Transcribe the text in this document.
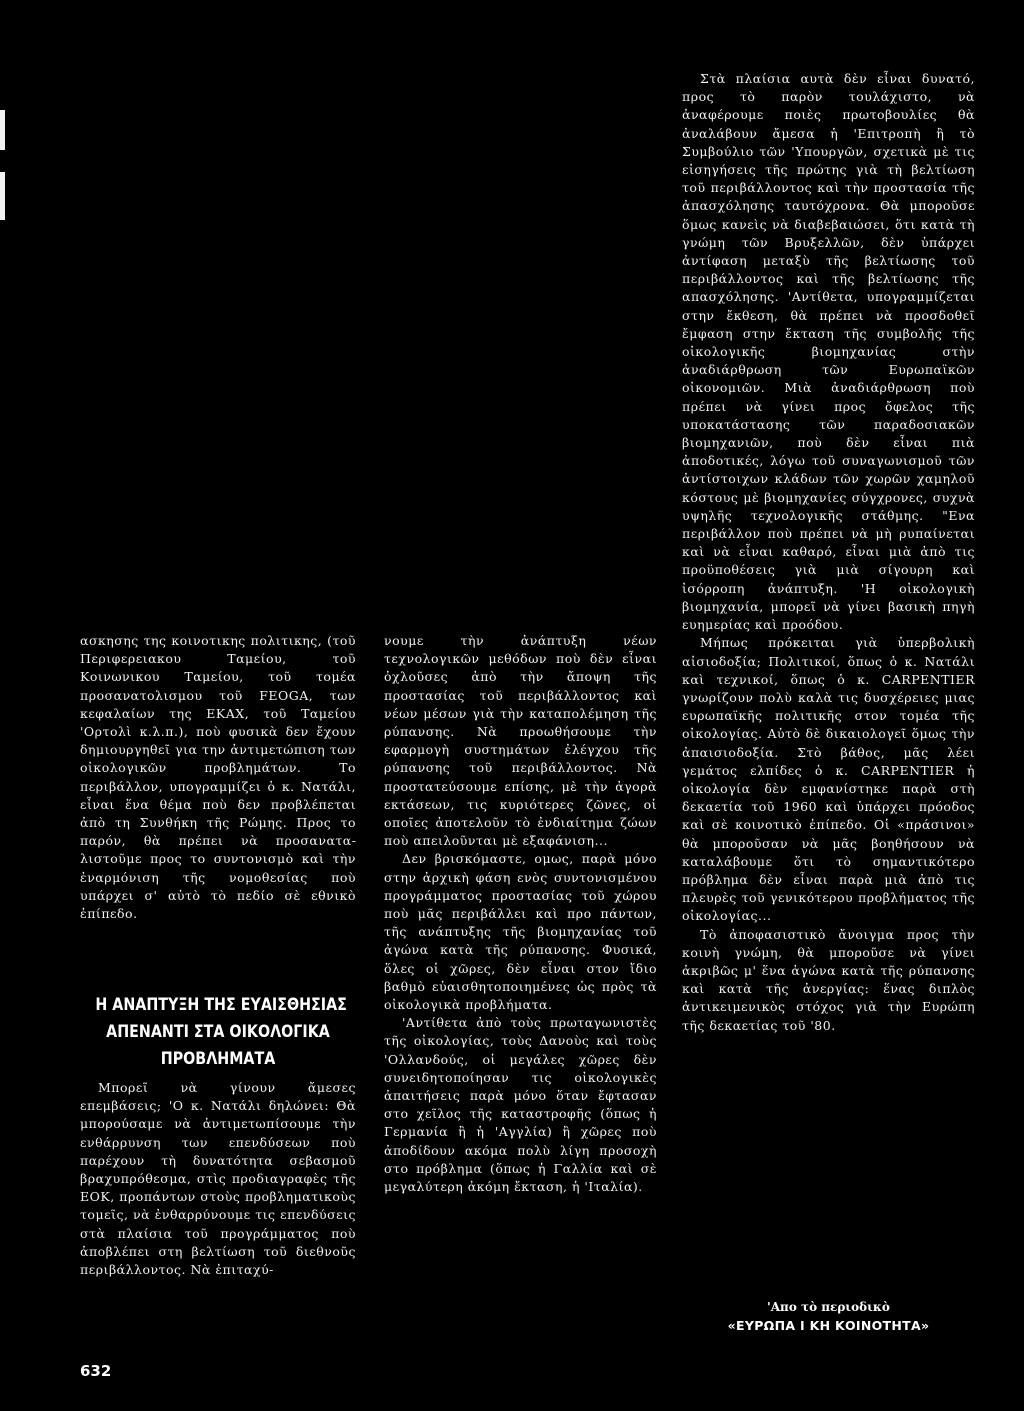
ασκησης της κοινοτικης πολιτικης, (τοῦ Περιφερειακου Ταμείου, τοῦ Κοινωνικου Ταμείου, τοῦ τομέα προσανατολισμου τοῦ FEOGA, των κεφαλαίων της ΕΚΑΧ, τοῦ Ταμείου 'Ορτολὶ κ.λ.π.), ποὺ φυσικὰ δεν ἔχουν δημιουργηθεῖ για την ἀντιμετώπιση των οἰκολογικῶν προβλημάτων. Το περιβάλλον, υπογραμμίζει ὁ κ. Νατάλι, εἶναι ἕνα θέμα ποὺ δεν προβλέπεται ἀπὸ τη Συνθήκη τῆς Ρώμης. Προς το παρόν, θὰ πρέπει νὰ προσαναταλιστοῦμε προς το συντονισμὸ καὶ τὴν ἐναρμόνιση τῆς νομοθεσίας ποὺ υπάρχει σ' αὐτὸ τὸ πεδίο σὲ εθνικὸ ἐπίπεδο.

Η ΑΝΑΠΤΥΞΗ ΤΗΣ ΕΥΑΙΣΘΗΣΙΑΣ
ΑΠΕΝΑΝΤΙ ΣΤΑ ΟΙΚΟΛΟΓΙΚΑ
ΠΡΟΒΛΗΜΑΤΑ

Μπορεῖ νὰ γίνουν ἄμεσες επεμβάσεις; 'Ο κ. Νατάλι δηλώνει: Θὰ μπορούσαμε νὰ ἀντιμετωπίσουμε τὴν ενθάρρυνση των επενδύσεων ποὺ παρέχουν τὴ δυνατότητα σεβασμοῦ βραχυπρόθεσμα, στὶς προδιαγραφὲς τῆς ΕΟΚ, προπάντων στοὺς προβληματικοὺς τομεῖς, νὰ ἐνθαρρύνουμε τις επενδύσεις στὰ πλαίσια τοῦ προγράμματος ποὺ ἀποβλέπει στη βελτίωση τοῦ διεθνοῦς περιβάλλοντος. Νὰ ἐπιταχύ-

νουμε τὴν ἀνάπτυξη νέων τεχνολογικῶν μεθόδων ποὺ δὲν εἶναι ὀχλοῦσες ἀπὸ τὴν ἄποψη τῆς προστασίας τοῦ περιβάλλοντος καὶ νέων μέσων γιὰ τὴν καταπολέμηση τῆς ρύπανσης. Νὰ προωθήσουμε τὴν εφαρμογὴ συστημάτων ἐλέγχου τῆς ρύπανσης τοῦ περιβάλλοντος. Νὰ προστατεύσουμε επίσης, μὲ τὴν ἀγορὰ εκτάσεων, τις κυριότερες ζῶνες, οἱ οποῖες ἀποτελοῦν τὸ ἐνδιαίτημα ζώων ποὺ απειλοῦνται μὲ εξαφάνιση...

Δεν βρισκόμαστε, ομως, παρὰ μόνο στην ἀρχικὴ φάση ενὸς συντονισμένου προγράμματος προστασίας τοῦ χώρου ποὺ μᾶς περιβάλλει καὶ προ πάντων, τῆς ανάπτυξης τῆς βιομηχανίας τοῦ ἀγώνα κατὰ τῆς ρύπανσης. Φυσικά, ὅλες οἱ χῶρες, δὲν εἶναι στον ἴδιο βαθμὸ εὐαισθητοποιημένες ὡς πρὸς τὰ οἰκολογικὰ προβλήματα.

'Αντίθετα ἀπὸ τοὺς πρωταγωνιστὲς τῆς οἰκολογίας, τοὺς Δανοὺς καὶ τοὺς 'Ολλανδούς, οἱ μεγάλες χῶρες δὲν συνειδητοποίησαν τις οἰκολογικὲς ἀπαιτήσεις παρὰ μόνο ὅταν ἔφτασαν στο χεῖλος τῆς καταστροφῆς (ὅπως ἡ Γερμανία ἢ ἡ 'Αγγλία) ἢ χῶρες ποὺ ἀποδίδουν ακόμα πολὺ λίγη προσοχὴ στο πρόβλημα (ὅπως ἡ Γαλλία καὶ σὲ μεγαλύτερη ἀκόμη ἔκταση, ἡ 'Ιταλία).

Στὰ πλαίσια αυτὰ δὲν εἶναι δυνατό, προς τὸ παρὸν τουλάχιστο, νὰ ἀναφέρουμε ποιὲς πρωτοβουλίες θὰ ἀναλάβουν ἄμεσα ἡ 'Επιτροπὴ ἢ τὸ Συμβούλιο τῶν 'Υπουργῶν, σχετικὰ μὲ τις εἰσηγήσεις τῆς πρώτης γιὰ τὴ βελτίωση τοῦ περιβάλλοντος καὶ τὴν προστασία τῆς ἀπασχόλησης ταυτόχρονα. Θὰ μποροῦσε ὅμως κανεὶς νὰ διαβεβαιώσει, ὅτι κατὰ τὴ γνώμη τῶν Βρυξελλῶν, δὲν ὑπάρχει ἀντίφαση μεταξὺ τῆς βελτίωσης τοῦ περιβάλλοντος καὶ τῆς βελτίωσης τῆς απασχόλησης. 'Αντίθετα, υπογραμμίζεται στην ἔκθεση, θὰ πρέπει νὰ προσδοθεῖ ἔμφαση στην ἔκταση τῆς συμβολῆς τῆς οἰκολογικῆς βιομηχανίας στὴν ἀναδιάρθρωση τῶν Ευρωπαϊκῶν οἰκονομιῶν. Μιὰ ἀναδιάρθρωση ποὺ πρέπει νὰ γίνει προς ὄφελος τῆς υποκατάστασης τῶν παραδοσιακῶν βιομηχανιῶν, ποὺ δὲν εἶναι πιὰ ἀποδοτικές, λόγω τοῦ συναγωνισμοῦ τῶν ἀντίστοιχων κλάδων τῶν χωρῶν χαμηλοῦ κόστους μὲ βιομηχανίες σύγχρονες, συχνὰ υψηλῆς τεχνολογικῆς στάθμης. "Ενα περιβάλλον ποὺ πρέπει νὰ μὴ ρυπαίνεται καὶ νὰ εἶναι καθαρό, εἶναι μιὰ ἀπὸ τις προϋποθέσεις γιὰ μιὰ σίγουρη καὶ ἰσόρροπη ἀνάπτυξη. 'Η οἰκολογικὴ βιομηχανία, μπορεῖ νὰ γίνει βασικὴ πηγὴ ευημερίας καὶ προόδου.

Μήπως πρόκειται γιὰ ὑπερβολικὴ αἰσιοδοξία; Πολιτικοί, ὅπως ὁ κ. Νατάλι καὶ τεχνικοί, ὅπως ὁ κ. CARPENTIER γνωρίζουν πολὺ καλὰ τις δυσχέρειες μιας ευρωπαϊκῆς πολιτικῆς στον τομέα τῆς οἰκολογίας. Αὐτὸ δὲ δικαιολογεῖ ὅμως τὴν ἀπαισιοδοξία. Στὸ βάθος, μᾶς λέει γεμάτος ελπίδες ὁ κ. CARPENTIER ἡ οἰκολογία δὲν εμφανίστηκε παρὰ στὴ δεκαετία τοῦ 1960 καὶ ὑπάρχει πρόοδος καὶ σὲ κοινοτικὸ ἐπίπεδο. Οἱ «πράσινοι» θὰ μποροῦσαν νὰ μᾶς βοηθήσουν νὰ καταλάβουμε ὅτι τὸ σημαντικότερο πρόβλημα δὲν εἶναι παρὰ μιὰ ἀπὸ τις πλευρὲς τοῦ γενικότερου προβλήματος τῆς οἰκολογίας...

Τὸ ἀποφασιστικὸ ἄνοιγμα προς τὴν κοινὴ γνώμη, θὰ μποροῦσε νὰ γίνει ἀκριβῶς μ' ἕνα ἀγώνα κατὰ τῆς ρύπανσης καὶ κατὰ τῆς ἀνεργίας: ἕνας διπλὸς ἀντικειμενικὸς στόχος γιὰ τὴν Ευρώπη τῆς δεκαετίας τοῦ '80.

'Απο τὸ περιοδικὸ
«ΕΥΡΩΠΑ Ι ΚΗ ΚΟΙΝΟΤΗΤΑ»
632
